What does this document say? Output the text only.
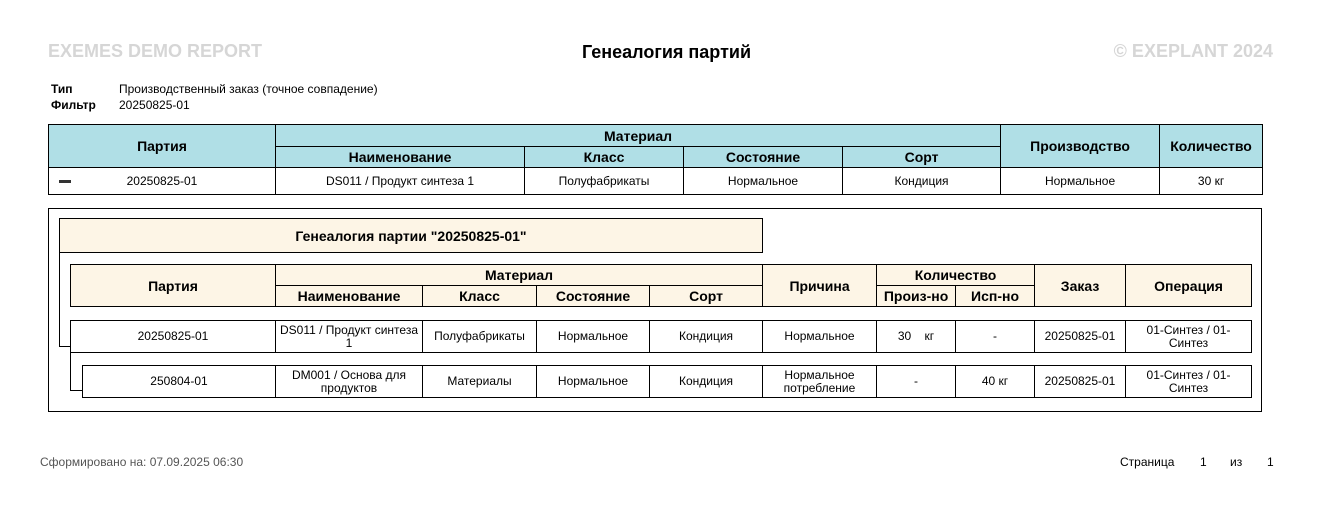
EXEMES DEMO REPORT	Генеалогия партий	© EXEPLANT 2024
Тип	Производственный заказ (точное совпадение)
Фильтр 20250825-01
Партия	Материал				Производство	Количество
	Наименование	Класс	Состояние	Сорт		

20250825-01	DS011 / Продукт синтеза 1	Полуфабрикаты	Нормальное	Кондиция	Нормальное	30 кг
Генеалогия партии "20250825-01"
Партия	Материал				Причина	Количество		Заказ	Операция
	Наименование	Класс	Состояние	Сорт		Произ-но	Исп-но		
20250825-01	DS011 / Продукт синтеза 1	Полуфабрикаты	Нормальное	Кондиция	Нормальное	30 кг	-	20250825-01	01-Синтез / 01-Синтез
250804-01	DM001 / Основа для продуктов	Материалы	Нормальное	Кондиция	Нормальное потребление	-	40 кг	20250825-01	01-Синтез / 01-Синтез
Сформировано на: 07.09.2025 06:30	Страница 1 из 1
